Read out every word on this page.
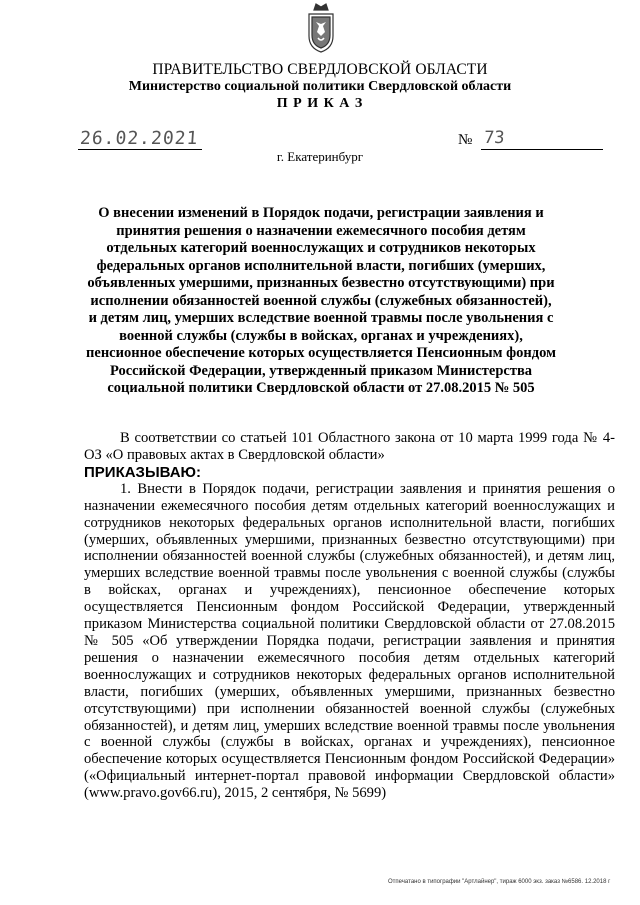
ПРАВИТЕЛЬСТВО СВЕРДЛОВСКОЙ ОБЛАСТИ
Министерство социальной политики Свердловской области
П Р И К А З
26.02.2021	№ 73
г. Екатеринбург
О внесении изменений в Порядок подачи, регистрации заявления и принятия решения о назначении ежемесячного пособия детям отдельных категорий военнослужащих и сотрудников некоторых федеральных органов исполнительной власти, погибших (умерших, объявленных умершими, признанных безвестно отсутствующими) при исполнении обязанностей военной службы (служебных обязанностей), и детям лиц, умерших вследствие военной травмы после увольнения с военной службы (службы в войсках, органах и учреждениях), пенсионное обеспечение которых осуществляется Пенсионным фондом Российской Федерации, утвержденный приказом Министерства социальной политики Свердловской области от 27.08.2015 № 505

В соответствии со статьей 101 Областного закона от 10 марта 1999 года № 4-ОЗ «О правовых актах в Свердловской области»

ПРИКАЗЫВАЮ:

1. Внести в Порядок подачи, регистрации заявления и принятия решения о назначении ежемесячного пособия детям отдельных категорий военнослужащих и сотрудников некоторых федеральных органов исполнительной власти, погибших (умерших, объявленных умершими, признанных безвестно отсутствующими) при исполнении обязанностей военной службы (служебных обязанностей), и детям лиц, умерших вследствие военной травмы после увольнения с военной службы (службы в войсках, органах и учреждениях), пенсионное обеспечение которых осуществляется Пенсионным фондом Российской Федерации, утвержденный приказом Министерства социальной политики Свердловской области от 27.08.2015 № 505 «Об утверждении Порядка подачи, регистрации заявления и принятия решения о назначении ежемесячного пособия детям отдельных категорий военнослужащих и сотрудников некоторых федеральных органов исполнительной власти, погибших (умерших, объявленных умершими, признанных безвестно отсутствующими) при исполнении обязанностей военной службы (служебных обязанностей), и детям лиц, умерших вследствие военной травмы после увольнения с военной службы (службы в войсках, органах и учреждениях), пенсионное обеспечение которых осуществляется Пенсионным фондом Российской Федерации» («Официальный интернет-портал правовой информации Свердловской области» (www.pravo.gov66.ru), 2015, 2 сентября, № 5699)

Отпечатано в типографии "Артлайнер", тираж 6000 экз. заказ №6586. 12.2018 г
